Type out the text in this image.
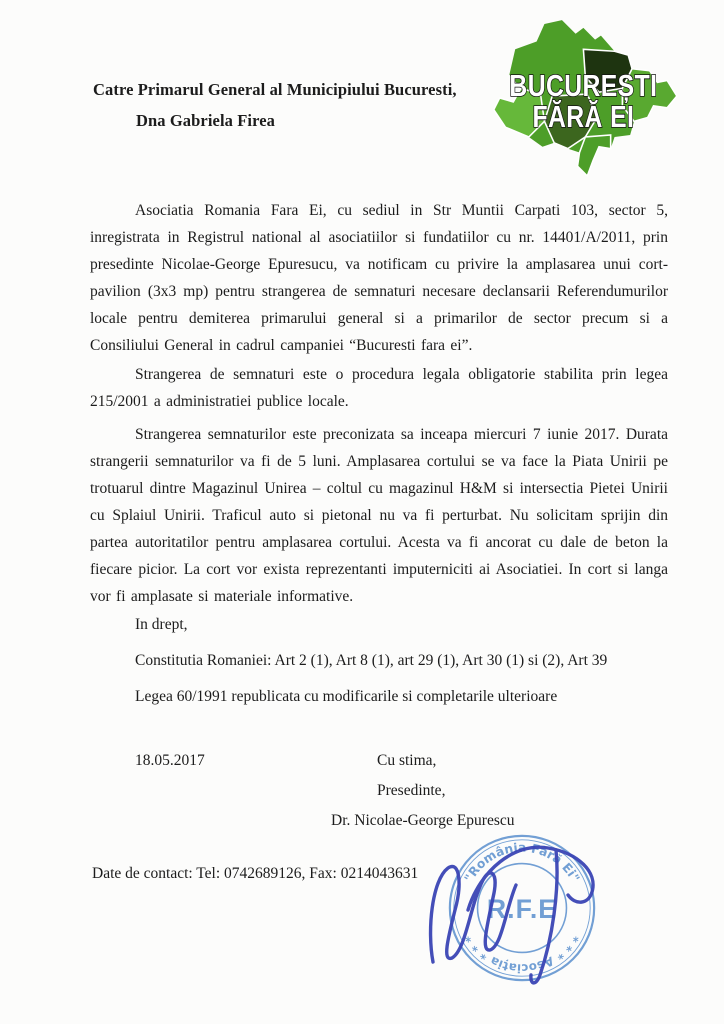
Catre Primarul General al Municipiului Bucuresti,
Dna Gabriela Firea
BUCUREȘTI
FĂRĂ EI
Asociatia Romania Fara Ei, cu sediul in Str Muntii Carpati 103, sector 5, inregistrata in Registrul national al asociatiilor si fundatiilor cu nr. 14401/A/2011, prin presedinte Nicolae-George Epuresucu, va notificam cu privire la amplasarea unui cort-pavilion (3x3 mp) pentru strangerea de semnaturi necesare declansarii Referendumurilor locale pentru demiterea primarului general si a primarilor de sector precum si a Consiliului General in cadrul campaniei “Bucuresti fara ei”.
Strangerea de semnaturi este o procedura legala obligatorie stabilita prin legea 215/2001 a administratiei publice locale.
Strangerea semnaturilor este preconizata sa inceapa miercuri 7 iunie 2017. Durata strangerii semnaturilor va fi de 5 luni. Amplasarea cortului se va face la Piata Unirii pe trotuarul dintre Magazinul Unirea – coltul cu magazinul H&M si intersectia Pietei Unirii cu Splaiul Unirii. Traficul auto si pietonal nu va fi perturbat. Nu solicitam sprijin din partea autoritatilor pentru amplasarea cortului. Acesta va fi ancorat cu dale de beton la fiecare picior. La cort vor exista reprezentanti imputerniciti ai Asociatiei. In cort si langa vor fi amplasate si materiale informative.
In drept,
Constitutia Romaniei: Art 2 (1), Art 8 (1), art 29 (1), Art 30 (1) si (2), Art 39
Legea 60/1991 republicata cu modificarile si completarile ulterioare
18.05.2017	Cu stima,
Presedinte,
Dr. Nicolae-George Epurescu
Date de contact: Tel: 0742689126, Fax: 0214043631	"România Fără Ei"
* * * Asociația * * *
R.F.E
